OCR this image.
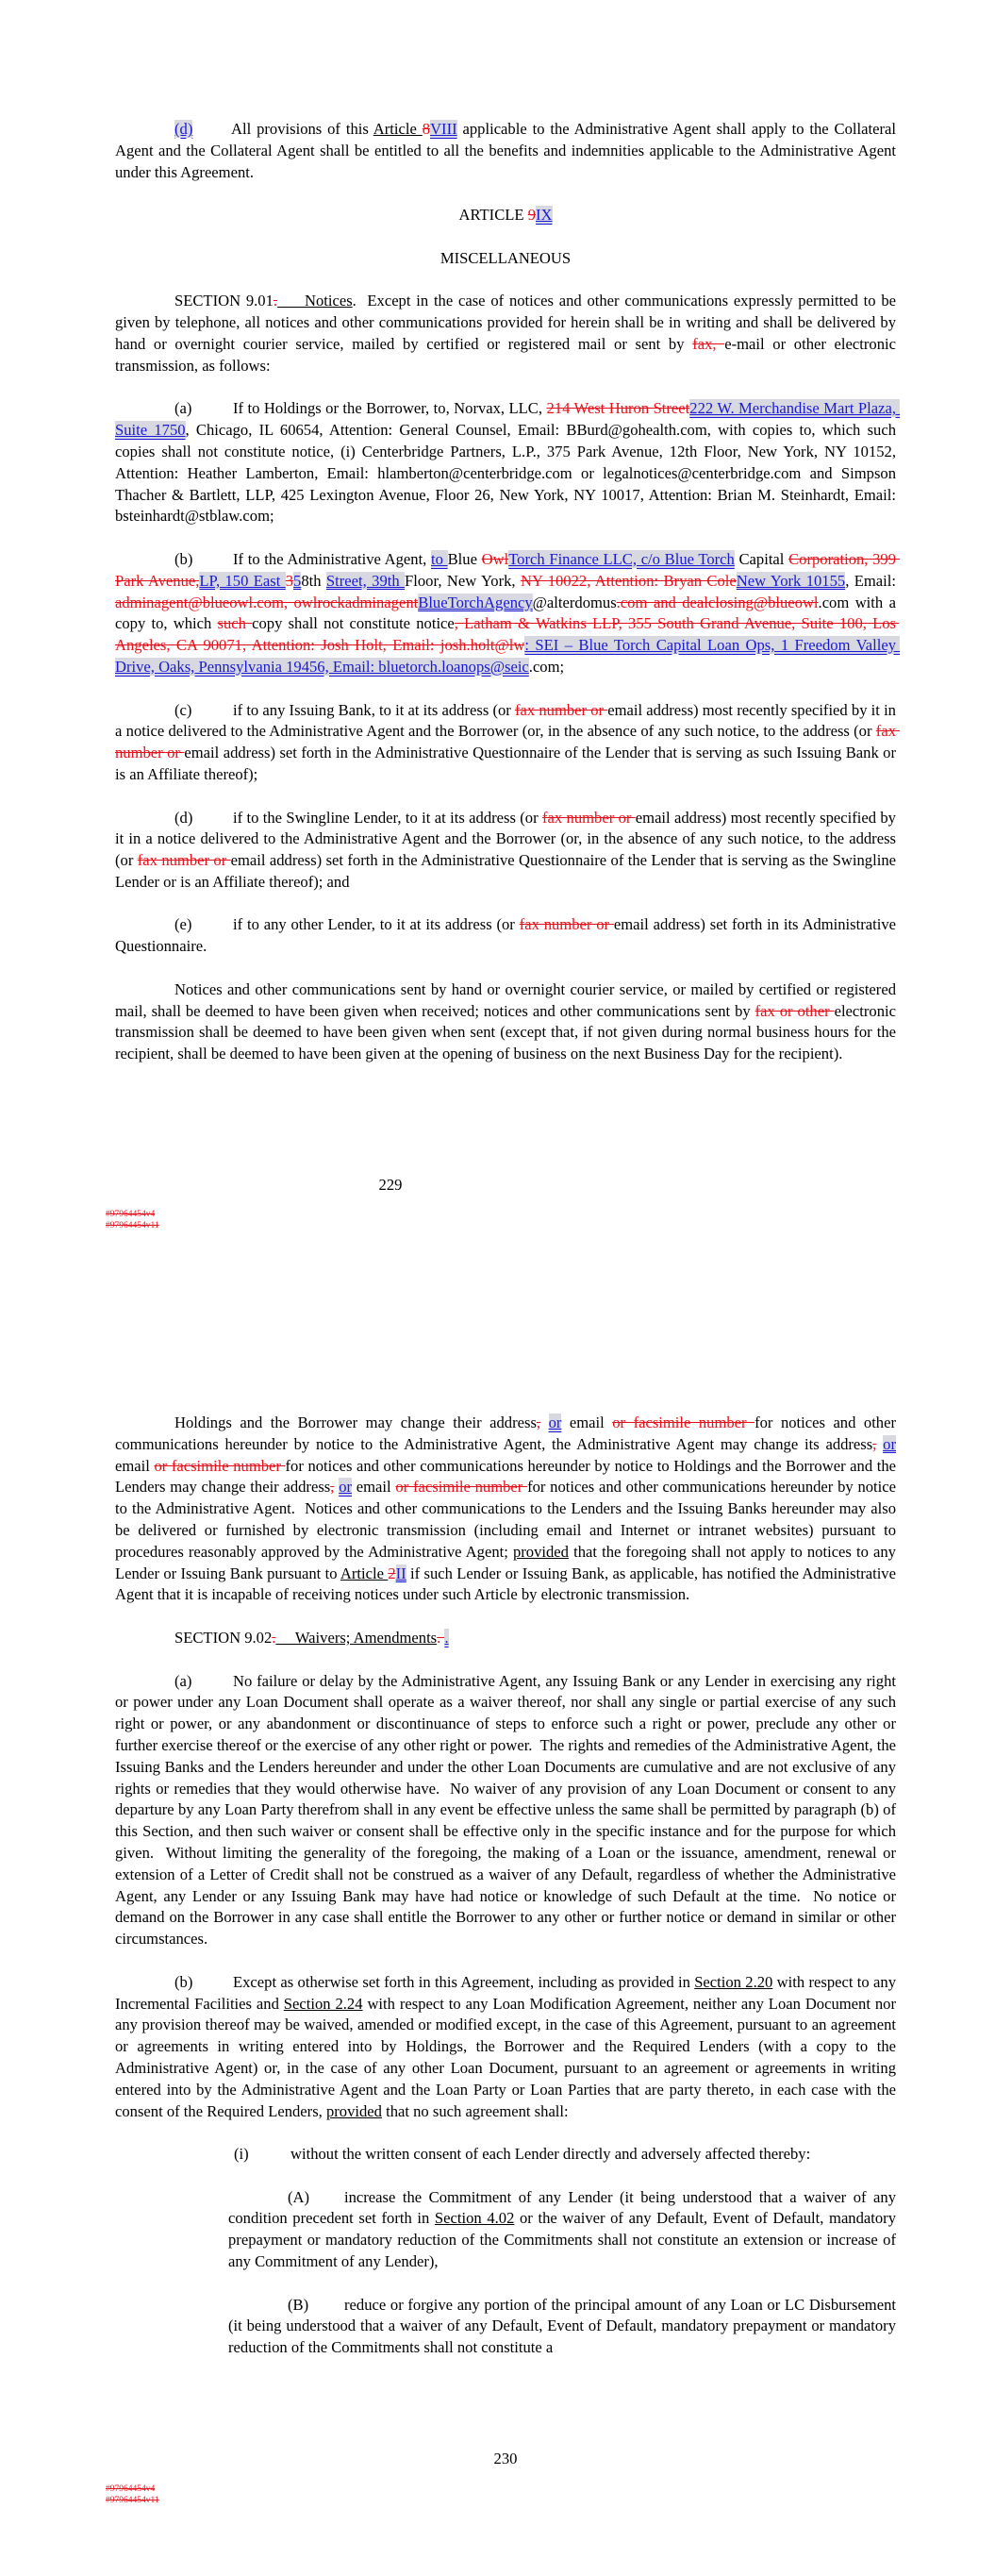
(d) All provisions of this Article 8VIII applicable to the Administrative Agent shall apply to the Collateral Agent and the Collateral Agent shall be entitled to all the benefits and indemnities applicable to the Administrative Agent under this Agreement.

ARTICLE 9IX

MISCELLANEOUS

SECTION 9.01.     Notices.  Except in the case of notices and other communications expressly permitted to be given by telephone, all notices and other communications provided for herein shall be in writing and shall be delivered by hand or overnight courier service, mailed by certified or registered mail or sent by fax, e-mail or other electronic transmission, as follows:

(a)	If to Holdings or the Borrower, to, Norvax, LLC, 214 West Huron Street222 W. Merchandise Mart Plaza, Suite 1750, Chicago, IL 60654, Attention: General Counsel, Email: BBurd@gohealth.com, with copies to, which such copies shall not constitute notice, (i) Centerbridge Partners, L.P., 375 Park Avenue, 12th Floor, New York, NY 10152, Attention: Heather Lamberton, Email: hlamberton@centerbridge.com or legalnotices@centerbridge.com and Simpson Thacher & Bartlett, LLP, 425 Lexington Avenue, Floor 26, New York, NY 10017, Attention: Brian M. Steinhardt, Email: bsteinhardt@stblaw.com;

(b)	If to the Administrative Agent, to Blue OwlTorch Finance LLC, c/o Blue Torch Capital Corporation, 399 Park Avenue,LP, 150 East 358th Street, 39th Floor, New York, NY 10022, Attention: Bryan ColeNew York 10155, Email: adminagent@blueowl.com, owlrockadminagentBlueTorchAgency@alterdomus.com and dealclosing@blueowl.com with a copy to, which such copy shall not constitute notice, Latham & Watkins LLP, 355 South Grand Avenue, Suite 100, Los Angeles, CA 90071, Attention: Josh Holt, Email: josh.holt@lw: SEI – Blue Torch Capital Loan Ops, 1 Freedom Valley Drive, Oaks, Pennsylvania 19456, Email: bluetorch.loanops@seic.com;

(c)	if to any Issuing Bank, to it at its address (or fax number or email address) most recently specified by it in a notice delivered to the Administrative Agent and the Borrower (or, in the absence of any such notice, to the address (or fax number or email address) set forth in the Administrative Questionnaire of the Lender that is serving as such Issuing Bank or is an Affiliate thereof);

(d)	if to the Swingline Lender, to it at its address (or fax number or email address) most recently specified by it in a notice delivered to the Administrative Agent and the Borrower (or, in the absence of any such notice, to the address (or fax number or email address) set forth in the Administrative Questionnaire of the Lender that is serving as the Swingline Lender or is an Affiliate thereof); and

(e)	if to any other Lender, to it at its address (or fax number or email address) set forth in its Administrative Questionnaire.

Notices and other communications sent by hand or overnight courier service, or mailed by certified or registered mail, shall be deemed to have been given when received; notices and other communications sent by fax or other electronic transmission shall be deemed to have been given when sent (except that, if not given during normal business hours for the recipient, shall be deemed to have been given at the opening of business on the next Business Day for the recipient).

229
#97964454v4
#97964454v11

Holdings and the Borrower may change their address, or email or facsimile number for notices and other communications hereunder by notice to the Administrative Agent, the Administrative Agent may change its address, or email or facsimile number for notices and other communications hereunder by notice to Holdings and the Borrower and the Lenders may change their address, or email or facsimile number for notices and other communications hereunder by notice to the Administrative Agent.  Notices and other communications to the Lenders and the Issuing Banks hereunder may also be delivered or furnished by electronic transmission (including email and Internet or intranet websites) pursuant to procedures reasonably approved by the Administrative Agent; provided that the foregoing shall not apply to notices to any Lender or Issuing Bank pursuant to Article 2II if such Lender or Issuing Bank, as applicable, has notified the Administrative Agent that it is incapable of receiving notices under such Article by electronic transmission.

SECTION 9.02.     Waivers; Amendments. .

(a)	No failure or delay by the Administrative Agent, any Issuing Bank or any Lender in exercising any right or power under any Loan Document shall operate as a waiver thereof, nor shall any single or partial exercise of any such right or power, or any abandonment or discontinuance of steps to enforce such a right or power, preclude any other or further exercise thereof or the exercise of any other right or power.  The rights and remedies of the Administrative Agent, the Issuing Banks and the Lenders hereunder and under the other Loan Documents are cumulative and are not exclusive of any rights or remedies that they would otherwise have.  No waiver of any provision of any Loan Document or consent to any departure by any Loan Party therefrom shall in any event be effective unless the same shall be permitted by paragraph (b) of this Section, and then such waiver or consent shall be effective only in the specific instance and for the purpose for which given.  Without limiting the generality of the foregoing, the making of a Loan or the issuance, amendment, renewal or extension of a Letter of Credit shall not be construed as a waiver of any Default, regardless of whether the Administrative Agent, any Lender or any Issuing Bank may have had notice or knowledge of such Default at the time.  No notice or demand on the Borrower in any case shall entitle the Borrower to any other or further notice or demand in similar or other circumstances.

(b)	Except as otherwise set forth in this Agreement, including as provided in Section 2.20 with respect to any Incremental Facilities and Section 2.24 with respect to any Loan Modification Agreement, neither any Loan Document nor any provision thereof may be waived, amended or modified except, in the case of this Agreement, pursuant to an agreement or agreements in writing entered into by Holdings, the Borrower and the Required Lenders (with a copy to the Administrative Agent) or, in the case of any other Loan Document, pursuant to an agreement or agreements in writing entered into by the Administrative Agent and the Loan Party or Loan Parties that are party thereto, in each case with the consent of the Required Lenders, provided that no such agreement shall:

(i)	without the written consent of each Lender directly and adversely affected thereby:

(A) increase the Commitment of any Lender (it being understood that a waiver of any condition precedent set forth in Section 4.02 or the waiver of any Default, Event of Default, mandatory prepayment or mandatory reduction of the Commitments shall not constitute an extension or increase of any Commitment of any Lender),

(B) reduce or forgive any portion of the principal amount of any Loan or LC Disbursement (it being understood that a waiver of any Default, Event of Default, mandatory prepayment or mandatory reduction of the Commitments shall not constitute a

230
#97964454v4
#97964454v11
